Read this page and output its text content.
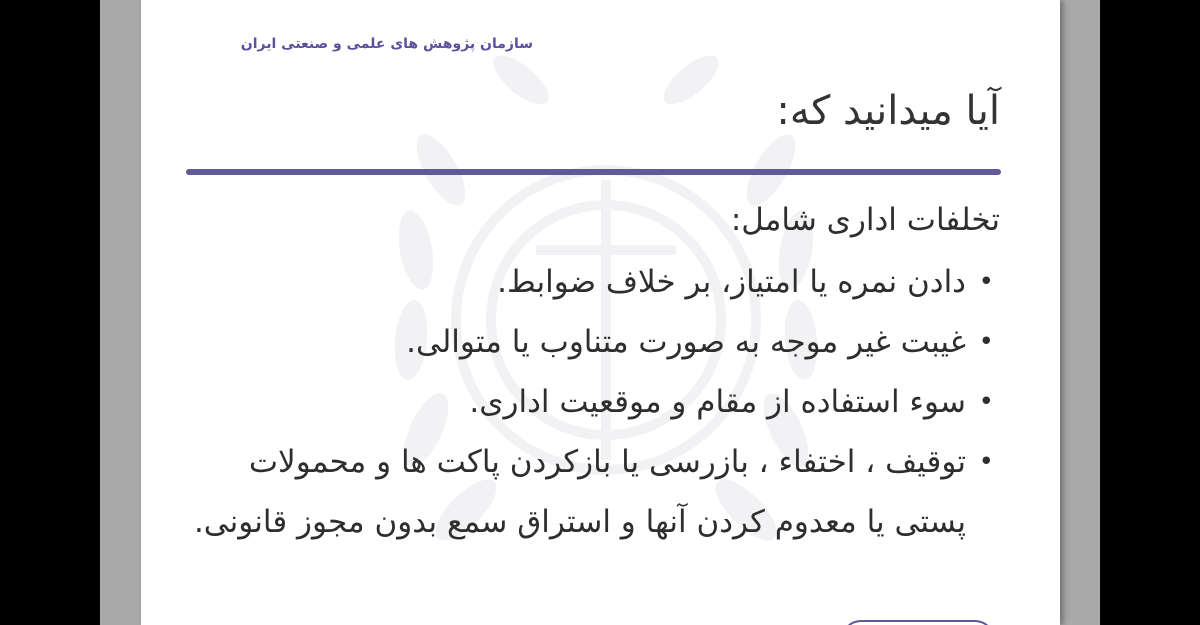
سازمان پژوهش های علمی و صنعتی ایران
آیا میدانید که:
تخلفات اداری شامل:
•
دادن نمره یا امتیاز، بر خلاف ضوابط.
•
غیبت غیر موجه به صورت متناوب یا متوالی.
•
سوء استفاده از مقام و موقعیت اداری.
•
توقیف ، اختفاء ، بازرسی یا بازکردن پاکت ها و محمولات پستی یا معدوم کردن آنها و استراق سمع بدون مجوز قانونی.
